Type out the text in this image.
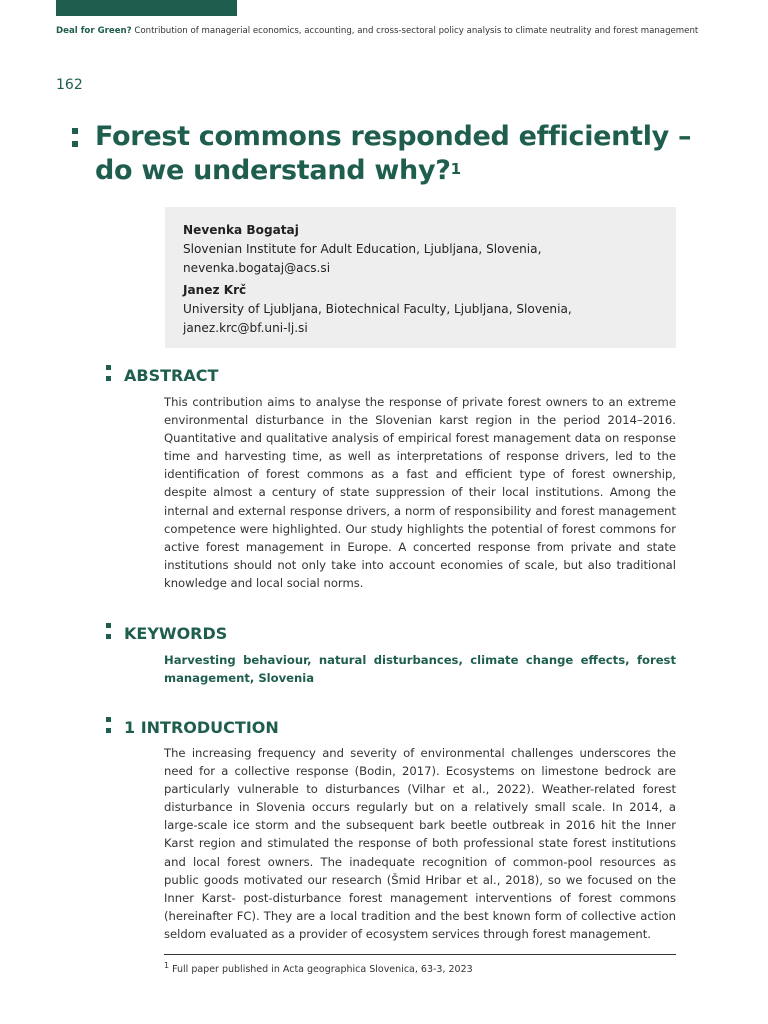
Deal for Green? Contribution of managerial economics, accounting, and cross-sectoral policy analysis to climate neutrality and forest management
162
Forest commons responded efficiently – do we understand why?$^1$
Nevenka Bogataj
Slovenian Institute for Adult Education, Ljubljana, Slovenia,
nevenka.bogataj@acs.si
Janez Krč
University of Ljubljana, Biotechnical Faculty, Ljubljana, Slovenia,
janez.krc@bf.uni-lj.si
ABSTRACT

This contribution aims to analyse the response of private forest owners to an extreme environmental disturbance in the Slovenian karst region in the period 2014–2016. Quantitative and qualitative analysis of empirical forest management data on response time and harvesting time, as well as interpretations of response drivers, led to the identification of forest commons as a fast and efficient type of forest ownership, despite almost a century of state suppression of their local institutions. Among the internal and external response drivers, a norm of responsibility and forest management competence were highlighted. Our study highlights the potential of forest commons for active forest management in Europe. A concerted response from private and state institutions should not only take into account economies of scale, but also traditional knowledge and local social norms.

KEYWORDS

Harvesting behaviour, natural disturbances, climate change effects, forest management, Slovenia

1 INTRODUCTION

The increasing frequency and severity of environmental challenges underscores the need for a collective response (Bodin, 2017). Ecosystems on limestone bedrock are particularly vulnerable to disturbances (Vilhar et al., 2022). Weather-related forest disturbance in Slovenia occurs regularly but on a relatively small scale. In 2014, a large-scale ice storm and the subsequent bark beetle outbreak in 2016 hit the Inner Karst region and stimulated the response of both professional state forest institutions and local forest owners. The inadequate recognition of common-pool resources as public goods motivated our research (Šmid Hribar et al., 2018), so we focused on the Inner Karst- post-disturbance forest management interventions of forest commons (hereinafter FC). They are a local tradition and the best known form of collective action seldom evaluated as a provider of ecosystem services through forest management.

$^1$ Full paper published in Acta geographica Slovenica, 63-3, 2023
